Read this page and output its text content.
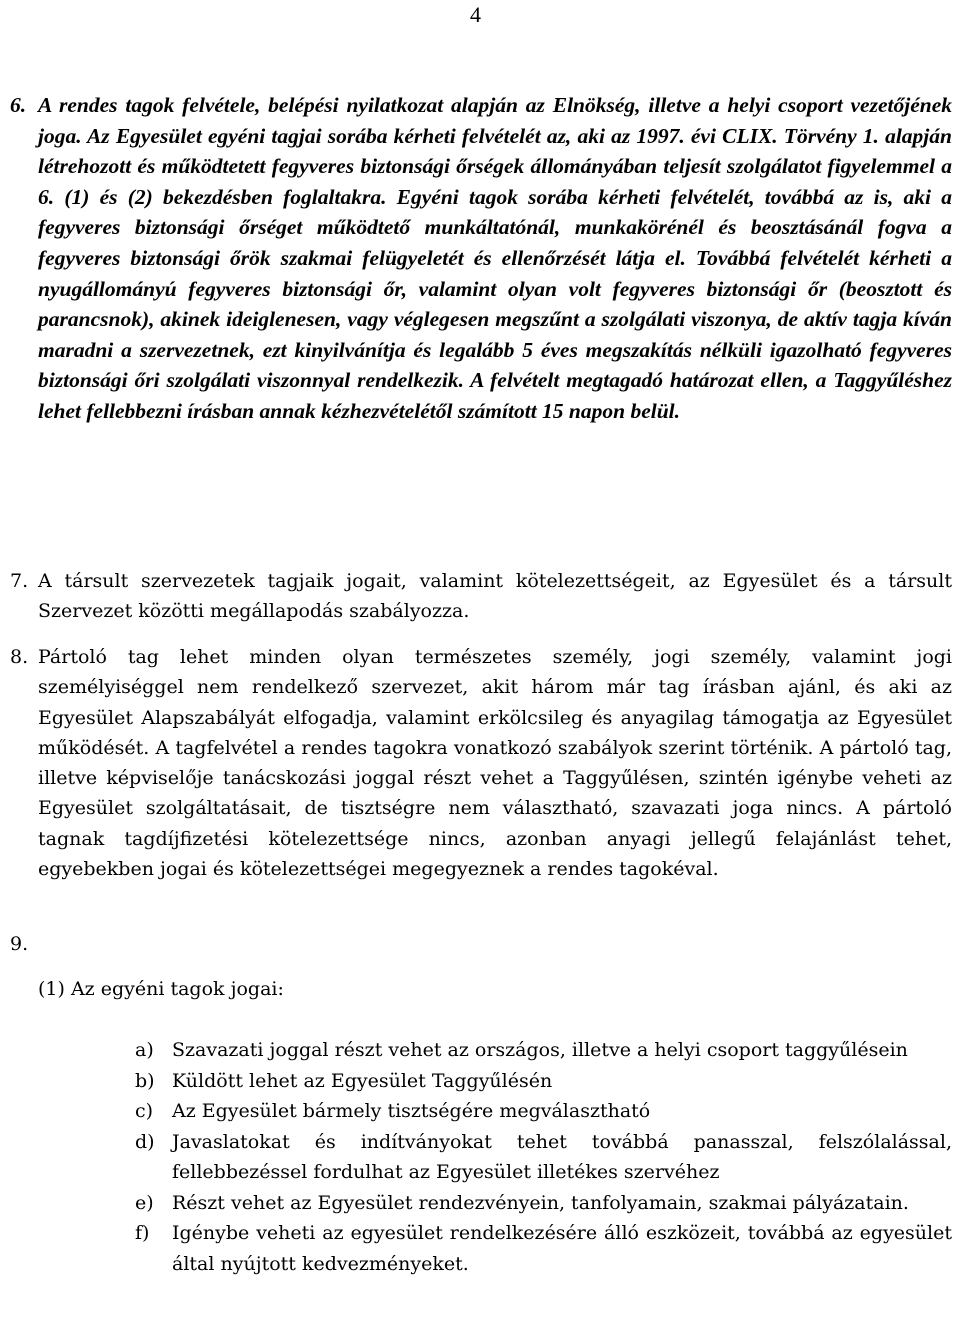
4
6. A rendes tagok felvétele, belépési nyilatkozat alapján az Elnökség, illetve a helyi csoport vezetőjének joga. Az Egyesület egyéni tagjai sorába kérheti felvételét az, aki az 1997. évi CLIX. Törvény 1. alapján létrehozott és működtetett fegyveres biztonsági őrségek állományában teljesít szolgálatot figyelemmel a 6. (1) és (2) bekezdésben foglaltakra. Egyéni tagok sorába kérheti felvételét, továbbá az is, aki a fegyveres biztonsági őrséget működtető munkáltatónál, munkakörénél és beosztásánál fogva a fegyveres biztonsági őrök szakmai felügyeletét és ellenőrzését látja el. Továbbá felvételét kérheti a nyugállományú fegyveres biztonsági őr, valamint olyan volt fegyveres biztonsági őr (beosztott és parancsnok), akinek ideiglenesen, vagy véglegesen megszűnt a szolgálati viszonya, de aktív tagja kíván maradni a szervezetnek, ezt kinyilvánítja és legalább 5 éves megszakítás nélküli igazolható fegyveres biztonsági őri szolgálati viszonnyal rendelkezik. A felvételt megtagadó határozat ellen, a Taggyűléshez lehet fellebbezni írásban annak kézhezvételétől számított 15 napon belül.
7. A társult szervezetek tagjaik jogait, valamint kötelezettségeit, az Egyesület és a társult Szervezet közötti megállapodás szabályozza.
8. Pártoló tag lehet minden olyan természetes személy, jogi személy, valamint jogi személyiséggel nem rendelkező szervezet, akit három már tag írásban ajánl, és aki az Egyesület Alapszabályát elfogadja, valamint erkölcsileg és anyagilag támogatja az Egyesület működését. A tagfelvétel a rendes tagokra vonatkozó szabályok szerint történik. A pártoló tag, illetve képviselője tanácskozási joggal részt vehet a Taggyűlésen, szintén igénybe veheti az Egyesület szolgáltatásait, de tisztségre nem választható, szavazati joga nincs. A pártoló tagnak tagdíjfizetési kötelezettsége nincs, azonban anyagi jellegű felajánlást tehet, egyebekben jogai és kötelezettségei megegyeznek a rendes tagokéval.
9.
(1) Az egyéni tagok jogai:
a) Szavazati joggal részt vehet az országos, illetve a helyi csoport taggyűlésein
b) Küldött lehet az Egyesület Taggyűlésén
c) Az Egyesület bármely tisztségére megválasztható
d) Javaslatokat és indítványokat tehet továbbá panasszal, felszólalással, fellebbezéssel fordulhat az Egyesület illetékes szervéhez
e) Részt vehet az Egyesület rendezvényein, tanfolyamain, szakmai pályázatain.
f) Igénybe veheti az egyesület rendelkezésére álló eszközeit, továbbá az egyesület által nyújtott kedvezményeket.
